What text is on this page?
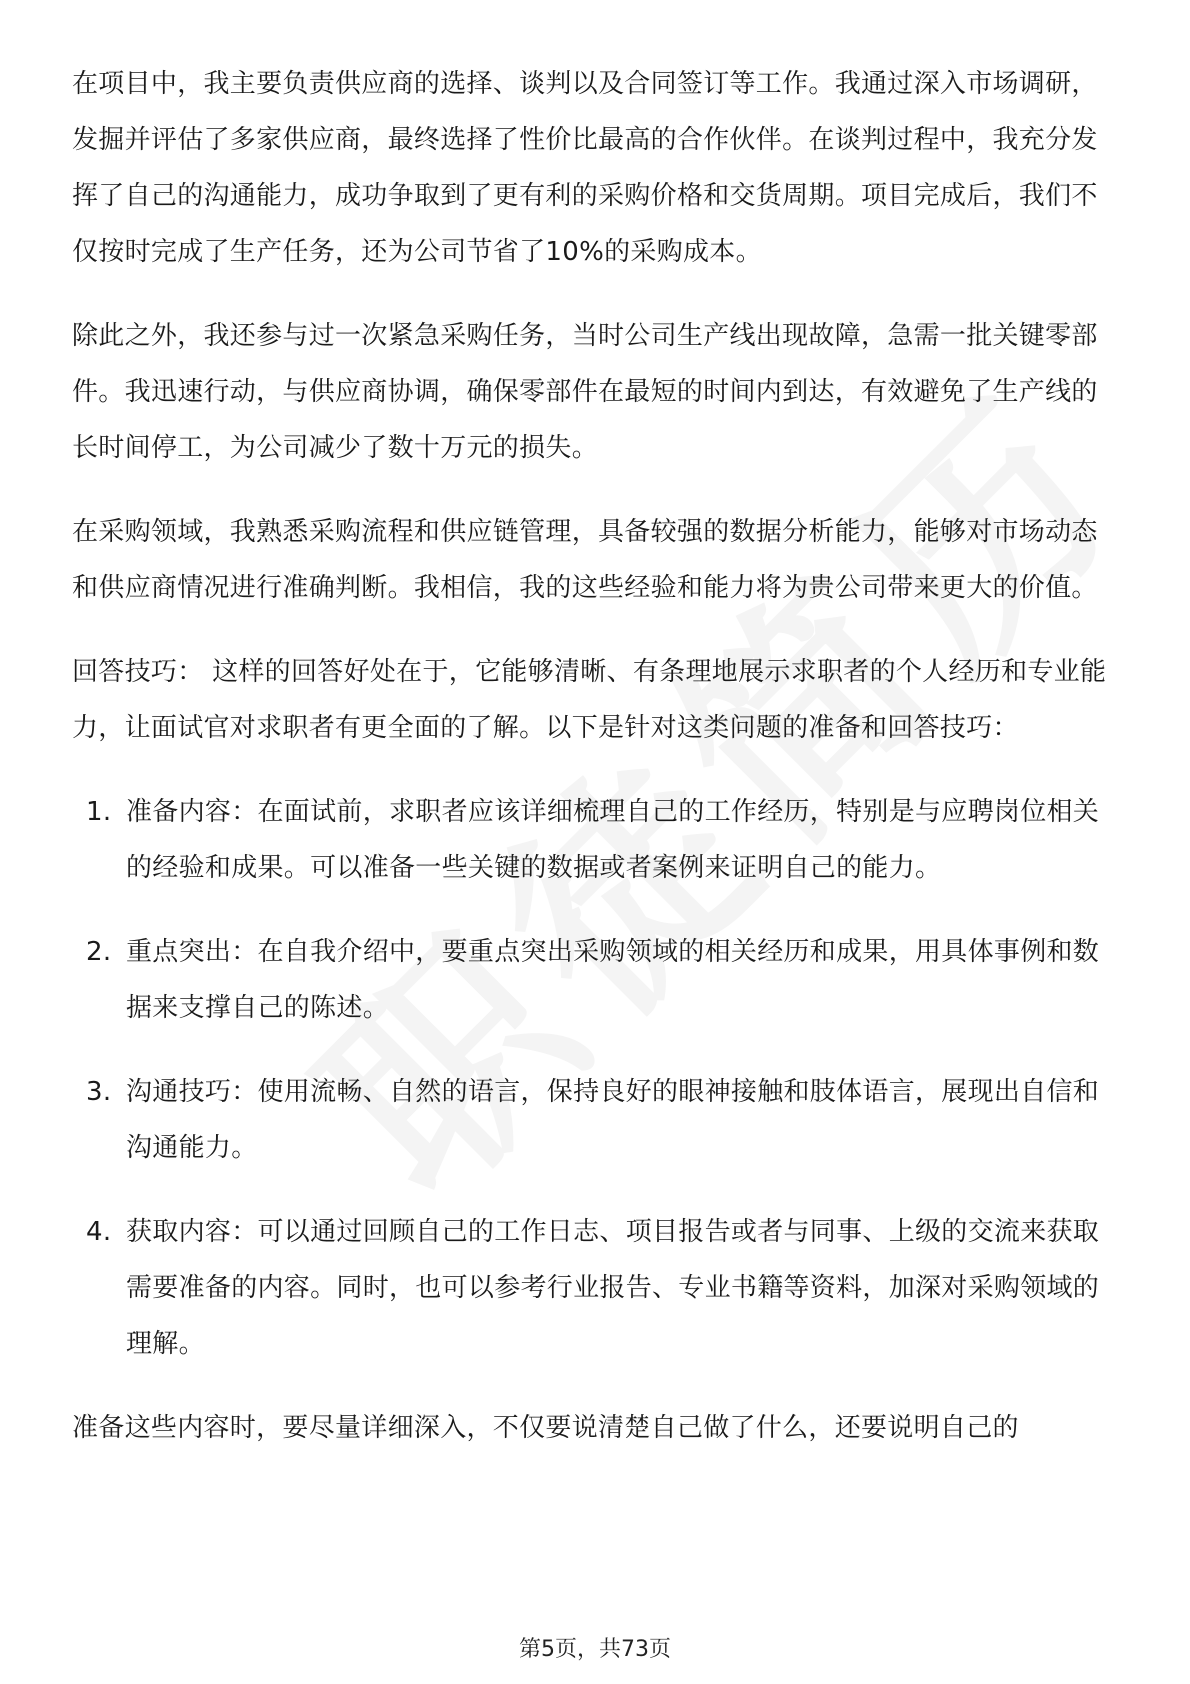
在项目中，我主要负责供应商的选择、谈判以及合同签订等工作。我通过深入市场调研，发掘并评估了多家供应商，最终选择了性价比最高的合作伙伴。在谈判过程中，我充分发挥了自己的沟通能力，成功争取到了更有利的采购价格和交货周期。项目完成后，我们不仅按时完成了生产任务，还为公司节省了10%的采购成本。

除此之外，我还参与过一次紧急采购任务，当时公司生产线出现故障，急需一批关键零部件。我迅速行动，与供应商协调，确保零部件在最短的时间内到达，有效避免了生产线的长时间停工，为公司减少了数十万元的损失。

在采购领域，我熟悉采购流程和供应链管理，具备较强的数据分析能力，能够对市场动态和供应商情况进行准确判断。我相信，我的这些经验和能力将为贵公司带来更大的价值。

回答技巧： 这样的回答好处在于，它能够清晰、有条理地展示求职者的个人经历和专业能力，让面试官对求职者有更全面的了解。以下是针对这类问题的准备和回答技巧：

1. 准备内容：在面试前，求职者应该详细梳理自己的工作经历，特别是与应聘岗位相关的经验和成果。可以准备一些关键的数据或者案例来证明自己的能力。
2. 重点突出：在自我介绍中，要重点突出采购领域的相关经历和成果，用具体事例和数据来支撑自己的陈述。
3. 沟通技巧：使用流畅、自然的语言，保持良好的眼神接触和肢体语言，展现出自信和沟通能力。
4. 获取内容：可以通过回顾自己的工作日志、项目报告或者与同事、上级的交流来获取需要准备的内容。同时，也可以参考行业报告、专业书籍等资料，加深对采购领域的理解。

准备这些内容时，要尽量详细深入，不仅要说清楚自己做了什么，还要说明自己的

第5页，共73页
